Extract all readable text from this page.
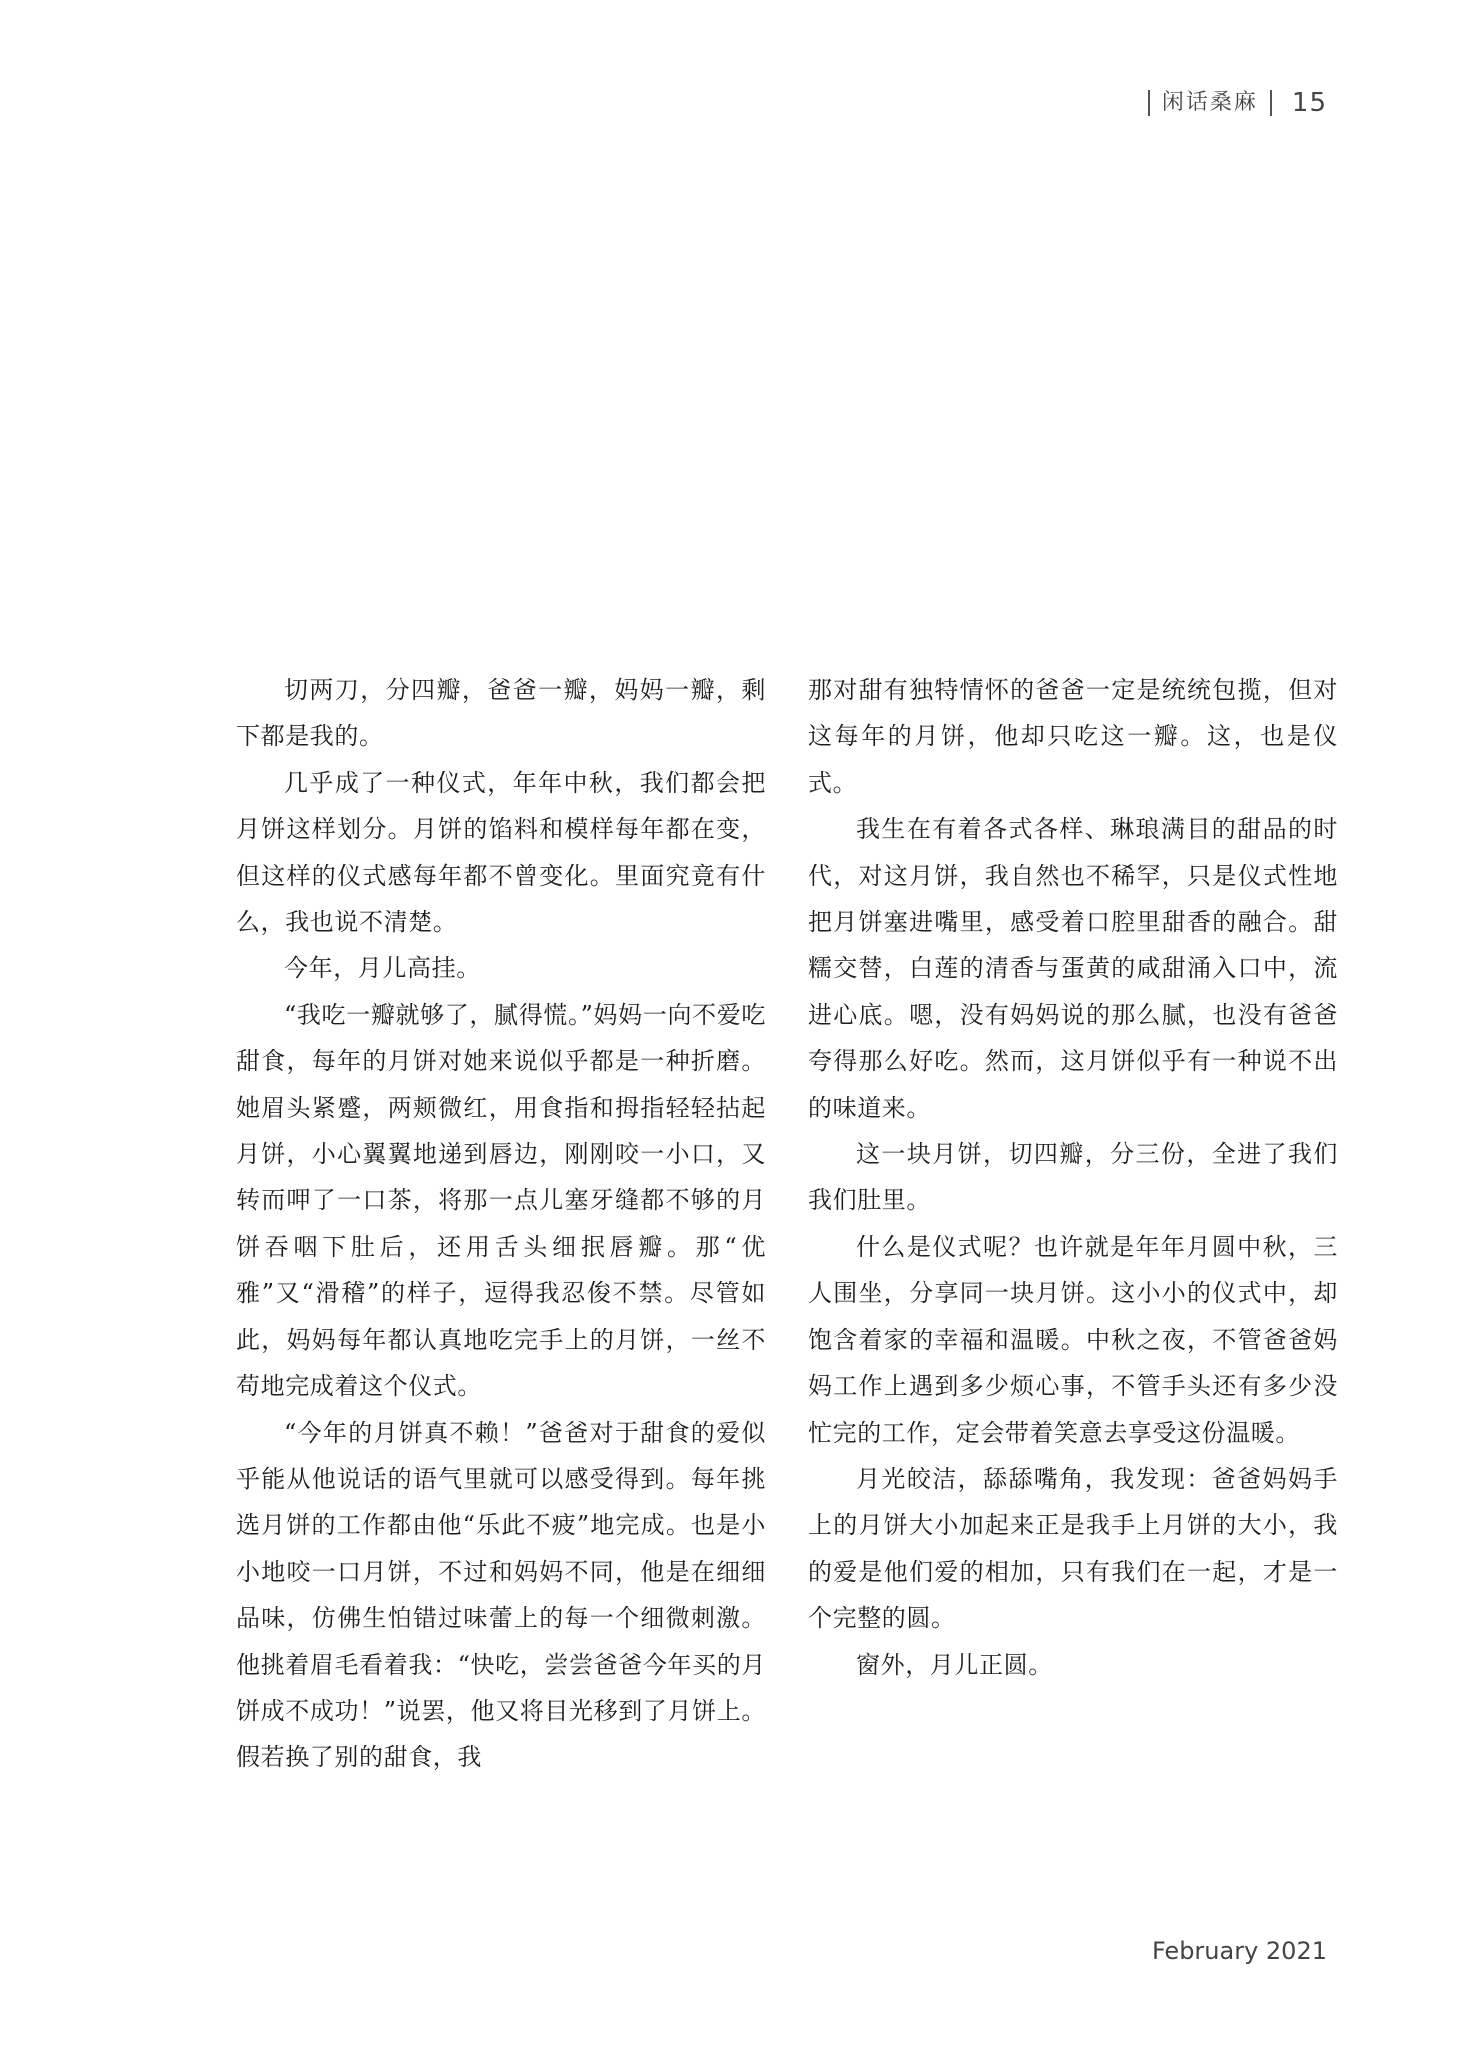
闲话桑麻	15

切两刀，分四瓣，爸爸一瓣，妈妈一瓣，剩下都是我的。

几乎成了一种仪式，年年中秋，我们都会把月饼这样划分。月饼的馅料和模样每年都在变，但这样的仪式感每年都不曾变化。里面究竟有什么，我也说不清楚。

今年，月儿高挂。

“我吃一瓣就够了，腻得慌。”妈妈一向不爱吃甜食，每年的月饼对她来说似乎都是一种折磨。她眉头紧蹙，两颊微红，用食指和拇指轻轻拈起月饼，小心翼翼地递到唇边，刚刚咬一小口，又转而呷了一口茶，将那一点儿塞牙缝都不够的月饼吞咽下肚后，还用舌头细抿唇瓣。那“优雅”又“滑稽”的样子，逗得我忍俊不禁。尽管如此，妈妈每年都认真地吃完手上的月饼，一丝不苟地完成着这个仪式。

“今年的月饼真不赖！”爸爸对于甜食的爱似乎能从他说话的语气里就可以感受得到。每年挑选月饼的工作都由他“乐此不疲”地完成。也是小小地咬一口月饼，不过和妈妈不同，他是在细细品味，仿佛生怕错过味蕾上的每一个细微刺激。他挑着眉毛看着我：“快吃，尝尝爸爸今年买的月饼成不成功！”说罢，他又将目光移到了月饼上。假若换了别的甜食，我

那对甜有独特情怀的爸爸一定是统统包揽，但对这每年的月饼，他却只吃这一瓣。这，也是仪式。

我生在有着各式各样、琳琅满目的甜品的时代，对这月饼，我自然也不稀罕，只是仪式性地把月饼塞进嘴里，感受着口腔里甜香的融合。甜糯交替，白莲的清香与蛋黄的咸甜涌入口中，流进心底。嗯，没有妈妈说的那么腻，也没有爸爸夸得那么好吃。然而，这月饼似乎有一种说不出的味道来。

这一块月饼，切四瓣，分三份，全进了我们我们肚里。

什么是仪式呢？也许就是年年月圆中秋，三人围坐，分享同一块月饼。这小小的仪式中，却饱含着家的幸福和温暖。中秋之夜，不管爸爸妈妈工作上遇到多少烦心事，不管手头还有多少没忙完的工作，定会带着笑意去享受这份温暖。

月光皎洁，舔舔嘴角，我发现：爸爸妈妈手上的月饼大小加起来正是我手上月饼的大小，我的爱是他们爱的相加，只有我们在一起，才是一个完整的圆。

窗外，月儿正圆。

February 2021
